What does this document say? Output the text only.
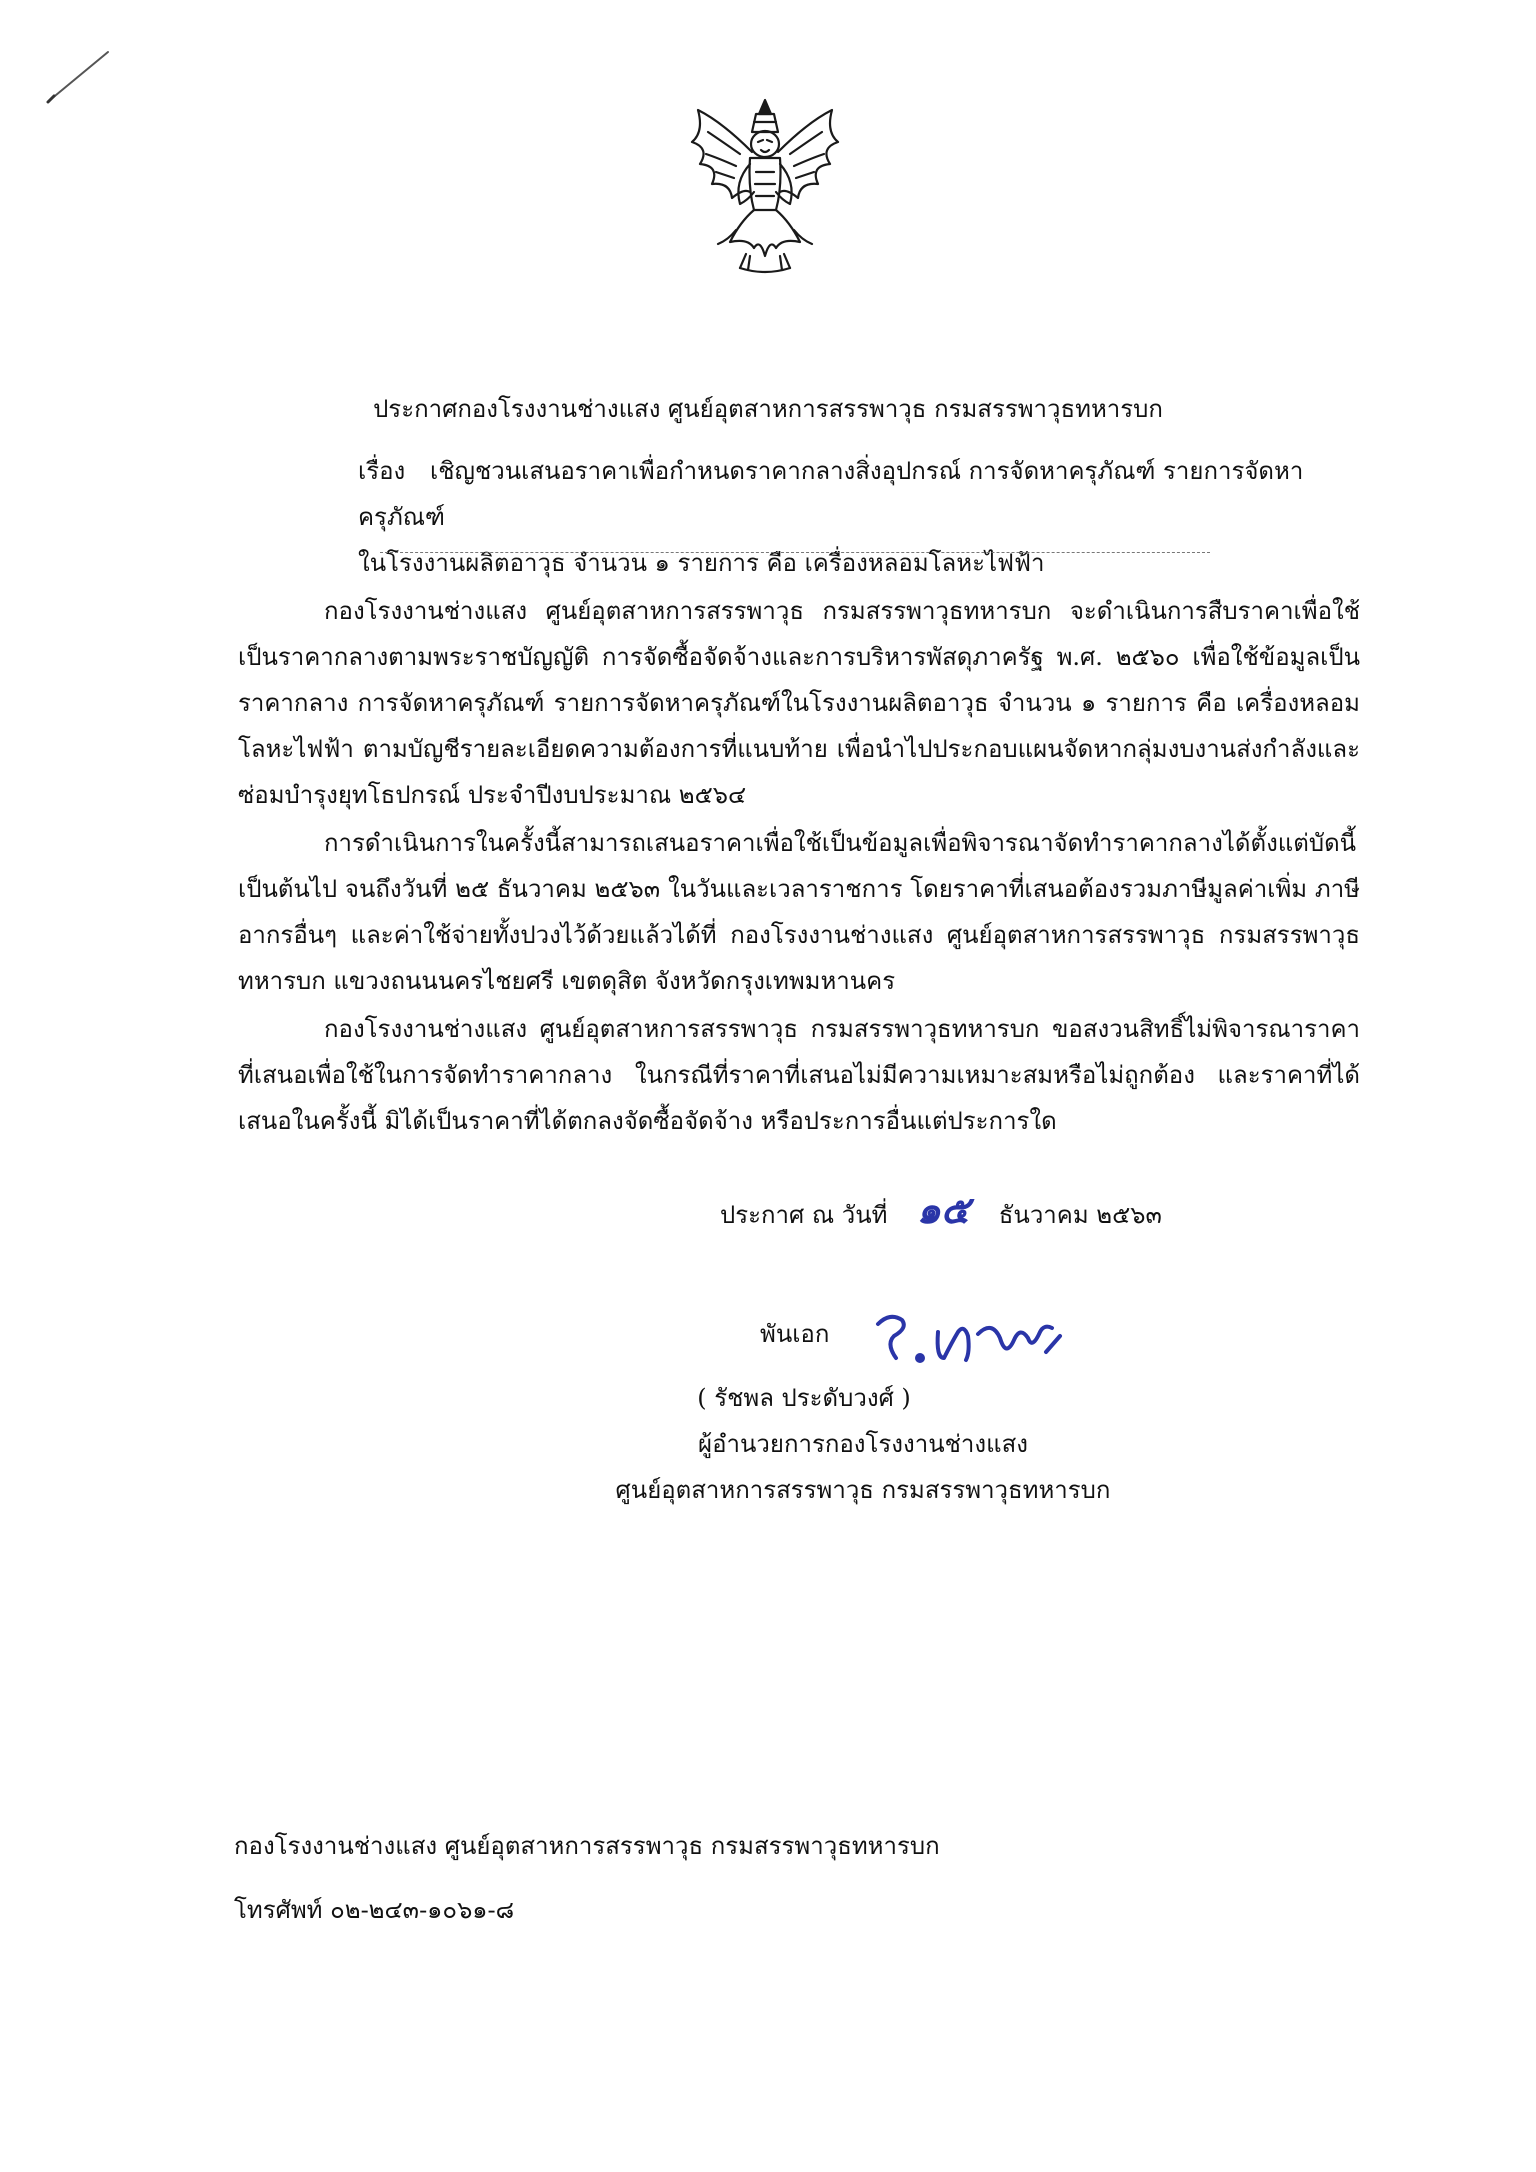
ประกาศกองโรงงานช่างแสง ศูนย์อุตสาหการสรรพาวุธ กรมสรรพาวุธทหารบก
เรื่อง เชิญชวนเสนอราคาเพื่อกำหนดราคากลางสิ่งอุปกรณ์ การจัดหาครุภัณฑ์ รายการจัดหาครุภัณฑ์
ในโรงงานผลิตอาวุธ จำนวน ๑ รายการ คือ เครื่องหลอมโลหะไฟฟ้า

กองโรงงานช่างแสง ศูนย์อุตสาหการสรรพาวุธ กรมสรรพาวุธทหารบก จะดำเนินการสืบราคาเพื่อใช้เป็นราคากลางตามพระราชบัญญัติ การจัดซื้อจัดจ้างและการบริหารพัสดุภาครัฐ พ.ศ. ๒๕๖๐ เพื่อใช้ข้อมูลเป็นราคากลาง การจัดหาครุภัณฑ์ รายการจัดหาครุภัณฑ์ในโรงงานผลิตอาวุธ จำนวน ๑ รายการ คือ เครื่องหลอมโลหะไฟฟ้า ตามบัญชีรายละเอียดความต้องการที่แนบท้าย เพื่อนำไปประกอบแผนจัดหากลุ่มงบงานส่งกำลังและซ่อมบำรุงยุทโธปกรณ์ ประจำปีงบประมาณ ๒๕๖๔

การดำเนินการในครั้งนี้สามารถเสนอราคาเพื่อใช้เป็นข้อมูลเพื่อพิจารณาจัดทำราคากลางได้ตั้งแต่บัดนี้เป็นต้นไป จนถึงวันที่ ๒๕ ธันวาคม ๒๕๖๓ ในวันและเวลาราชการ โดยราคาที่เสนอต้องรวมภาษีมูลค่าเพิ่ม ภาษีอากรอื่นๆ และค่าใช้จ่ายทั้งปวงไว้ด้วยแล้วได้ที่ กองโรงงานช่างแสง ศูนย์อุตสาหการสรรพาวุธ กรมสรรพาวุธทหารบก แขวงถนนนครไชยศรี เขตดุสิต จังหวัดกรุงเทพมหานคร

กองโรงงานช่างแสง ศูนย์อุตสาหการสรรพาวุธ กรมสรรพาวุธทหารบก ขอสงวนสิทธิ์ไม่พิจารณาราคาที่เสนอเพื่อใช้ในการจัดทำราคากลาง ในกรณีที่ราคาที่เสนอไม่มีความเหมาะสมหรือไม่ถูกต้อง และราคาที่ได้เสนอในครั้งนี้ มิได้เป็นราคาที่ได้ตกลงจัดซื้อจัดจ้าง หรือประการอื่นแต่ประการใด

ประกาศ ณ วันที่ ๑๕ ธันวาคม ๒๕๖๓
พันเอก
( รัชพล ประดับวงศ์ )
ผู้อำนวยการกองโรงงานช่างแสง
ศูนย์อุตสาหการสรรพาวุธ กรมสรรพาวุธทหารบก
กองโรงงานช่างแสง ศูนย์อุตสาหการสรรพาวุธ กรมสรรพาวุธทหารบก
โทรศัพท์ ๐๒-๒๔๓-๑๐๖๑-๘
